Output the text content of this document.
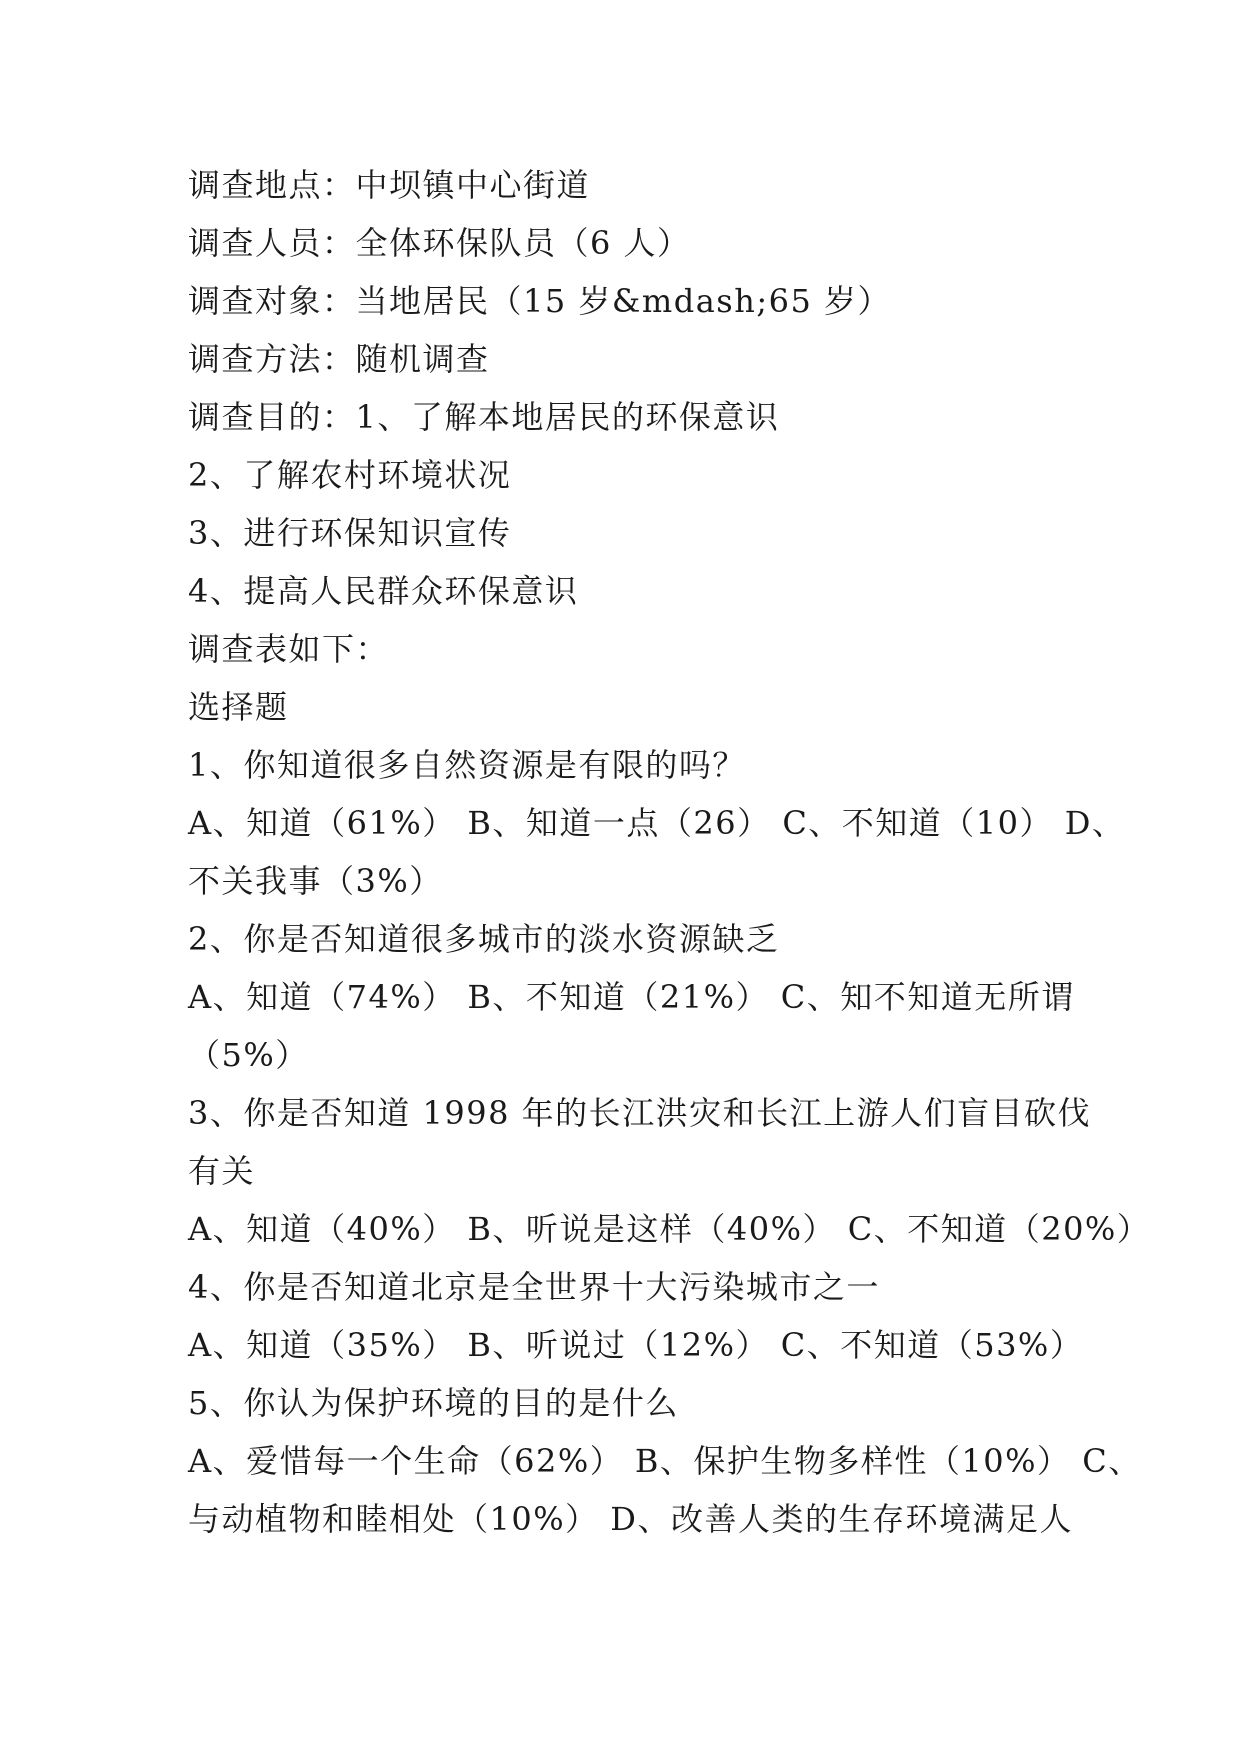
调查地点：中坝镇中心街道
调查人员：全体环保队员（6 人）
调查对象：当地居民（15 岁&mdash;65 岁）
调查方法：随机调查
调查目的：1、了解本地居民的环保意识
2、了解农村环境状况
3、进行环保知识宣传
4、提高人民群众环保意识
调查表如下：
选择题
1、你知道很多自然资源是有限的吗？
A、知道（61%） B、知道一点（26） C、不知道（10） D、
不关我事（3%）
2、你是否知道很多城市的淡水资源缺乏
A、知道（74%） B、不知道（21%） C、知不知道无所谓
（5%）
3、你是否知道 1998 年的长江洪灾和长江上游人们盲目砍伐
有关
A、知道（40%） B、听说是这样（40%） C、不知道（20%）
4、你是否知道北京是全世界十大污染城市之一
A、知道（35%） B、听说过（12%） C、不知道（53%）
5、你认为保护环境的目的是什么
A、爱惜每一个生命（62%） B、保护生物多样性（10%） C、
与动植物和睦相处（10%） D、改善人类的生存环境满足人
